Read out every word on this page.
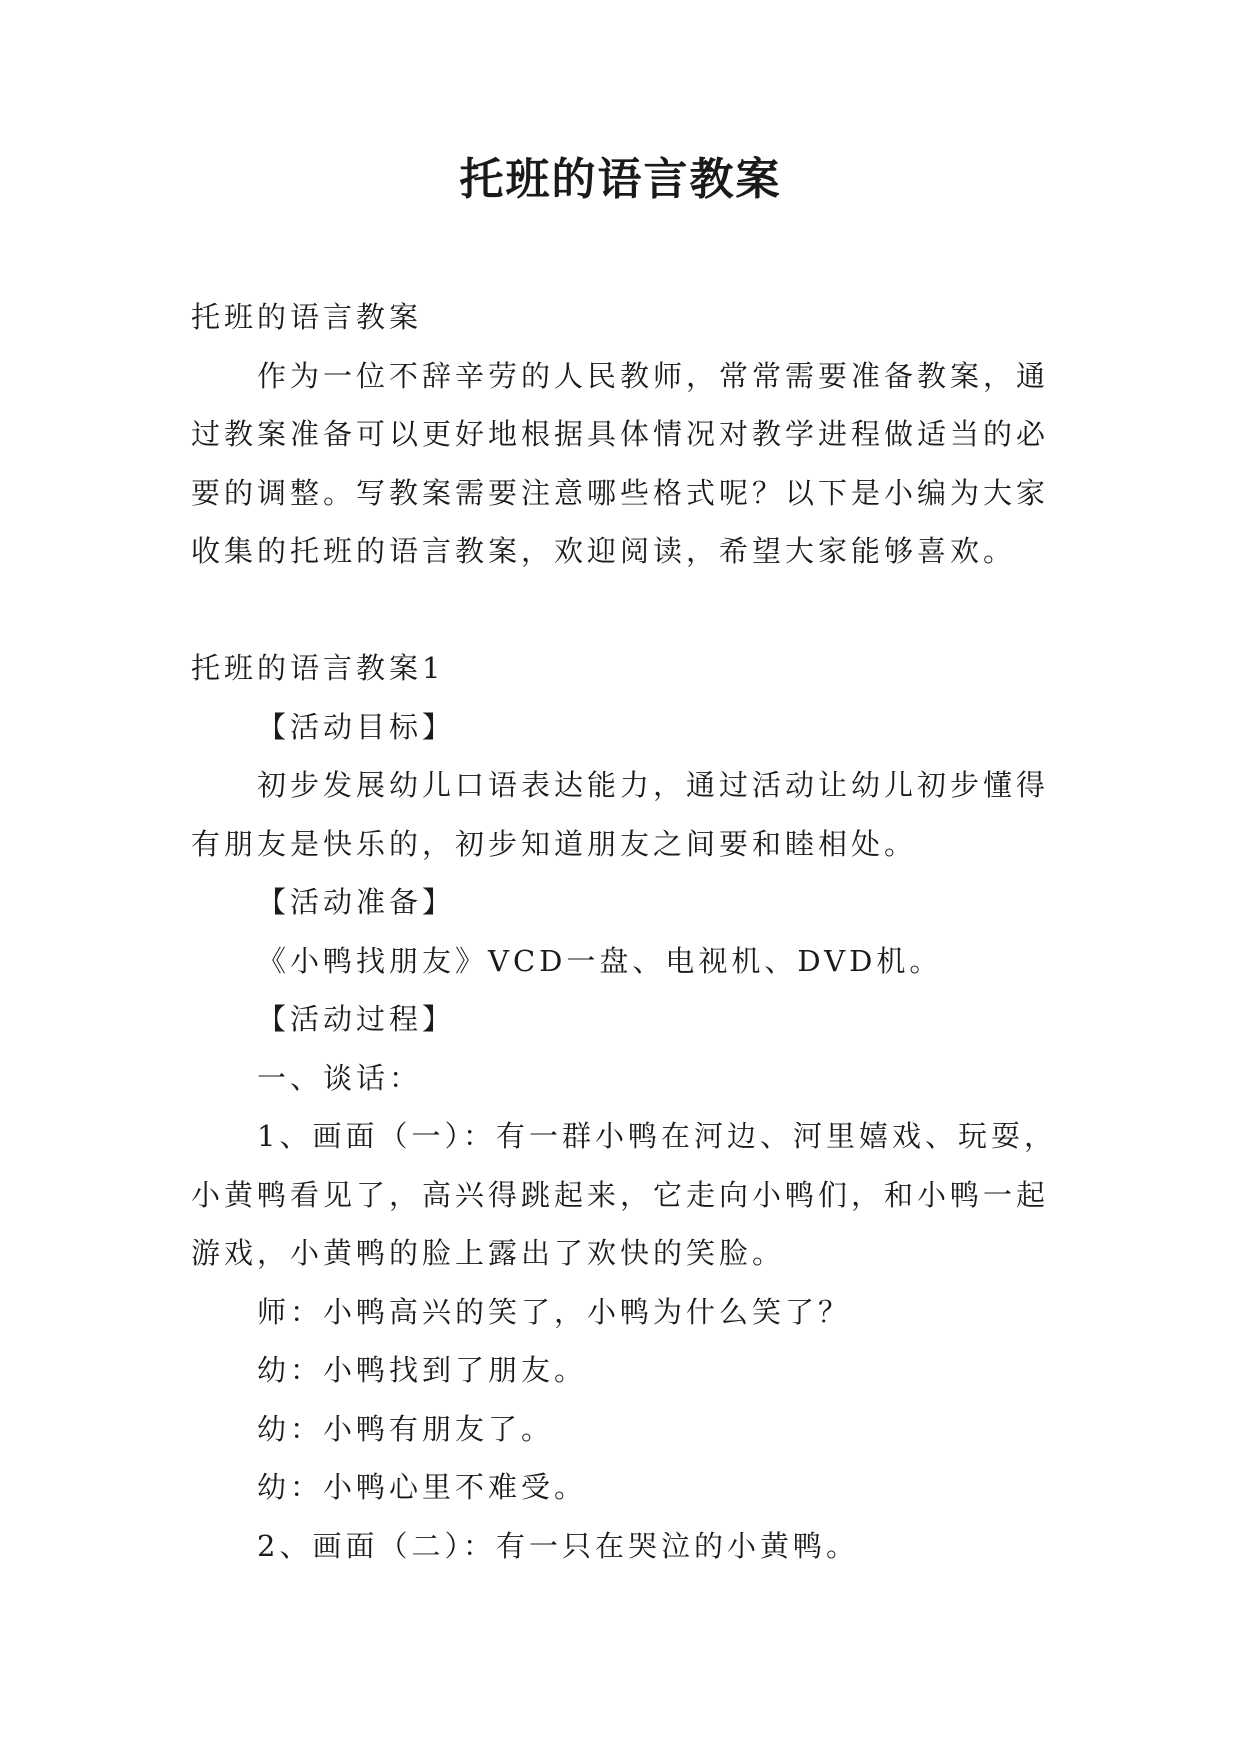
托班的语言教案

托班的语言教案

作为一位不辞辛劳的人民教师，常常需要准备教案，通过教案准备可以更好地根据具体情况对教学进程做适当的必要的调整。写教案需要注意哪些格式呢？以下是小编为大家收集的托班的语言教案，欢迎阅读，希望大家能够喜欢。

托班的语言教案1

【活动目标】

初步发展幼儿口语表达能力，通过活动让幼儿初步懂得有朋友是快乐的，初步知道朋友之间要和睦相处。

【活动准备】

《小鸭找朋友》VCD一盘、电视机、DVD机。

【活动过程】

一、谈话：

1、画面（一）：有一群小鸭在河边、河里嬉戏、玩耍，小黄鸭看见了，高兴得跳起来，它走向小鸭们，和小鸭一起游戏，小黄鸭的脸上露出了欢快的笑脸。

师：小鸭高兴的笑了，小鸭为什么笑了？

幼：小鸭找到了朋友。

幼：小鸭有朋友了。

幼：小鸭心里不难受。

2、画面（二）：有一只在哭泣的小黄鸭。
